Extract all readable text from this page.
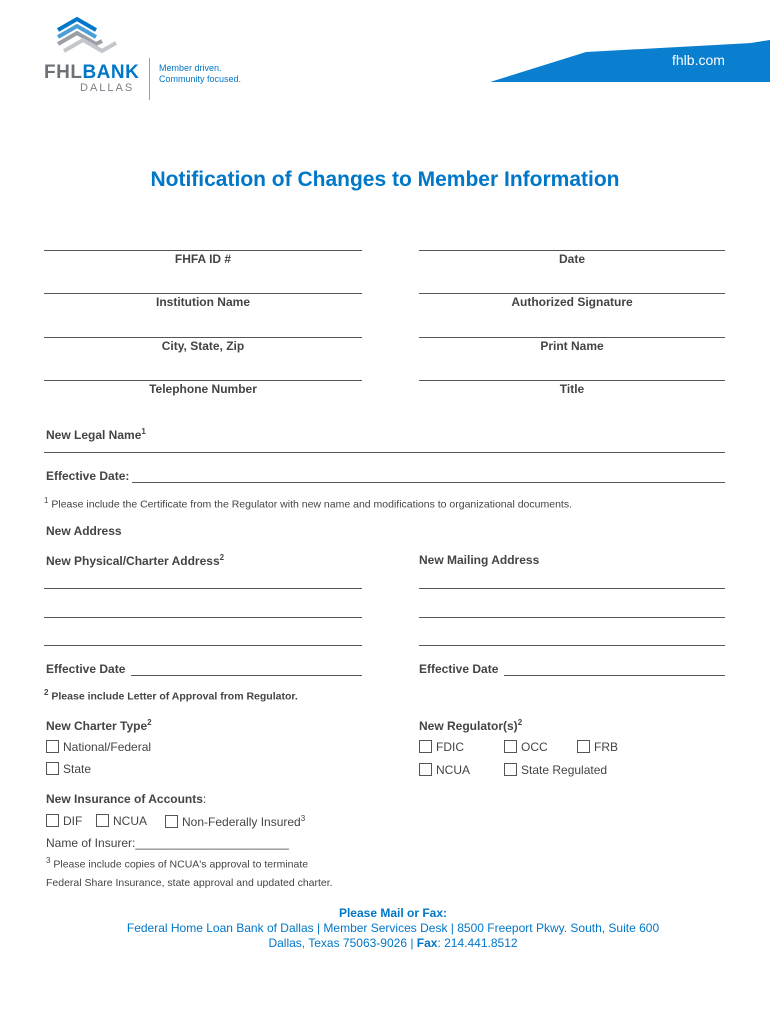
FHLBANK
DALLAS
Member driven.
Community focused.
fhlb.com
Notification of Changes to Member Information
FHFA ID #	Date
Institution Name	Authorized Signature
City, State, Zip	Print Name
Telephone Number	Title
New Legal Name$^1$
Effective Date:
$^1$ Please include the Certificate from the Regulator with new name and modifications to organizational documents.
New Address
New Physical/Charter Address$^2$	New Mailing Address
Effective Date	Effective Date
$^2$ Please include Letter of Approval from Regulator.
New Charter Type$^2$
National/Federal
State
New $Regulator(s)^2$
FDIC	OCC	FRB
NCUA	State Regulated
New Insurance of Accounts:
DIF	NCUA	Non-Federally Insured$^3$
Name of Insurer:_______________________
$^3$ Please include copies of NCUA's approval to terminate
Federal Share Insurance, state approval and updated charter.
Please Mail or Fax:
Federal Home Loan Bank of Dallas | Member Services Desk | 8500 Freeport Pkwy. South, Suite 600
Dallas, Texas 75063-9026 | Fax: 214.441.8512
